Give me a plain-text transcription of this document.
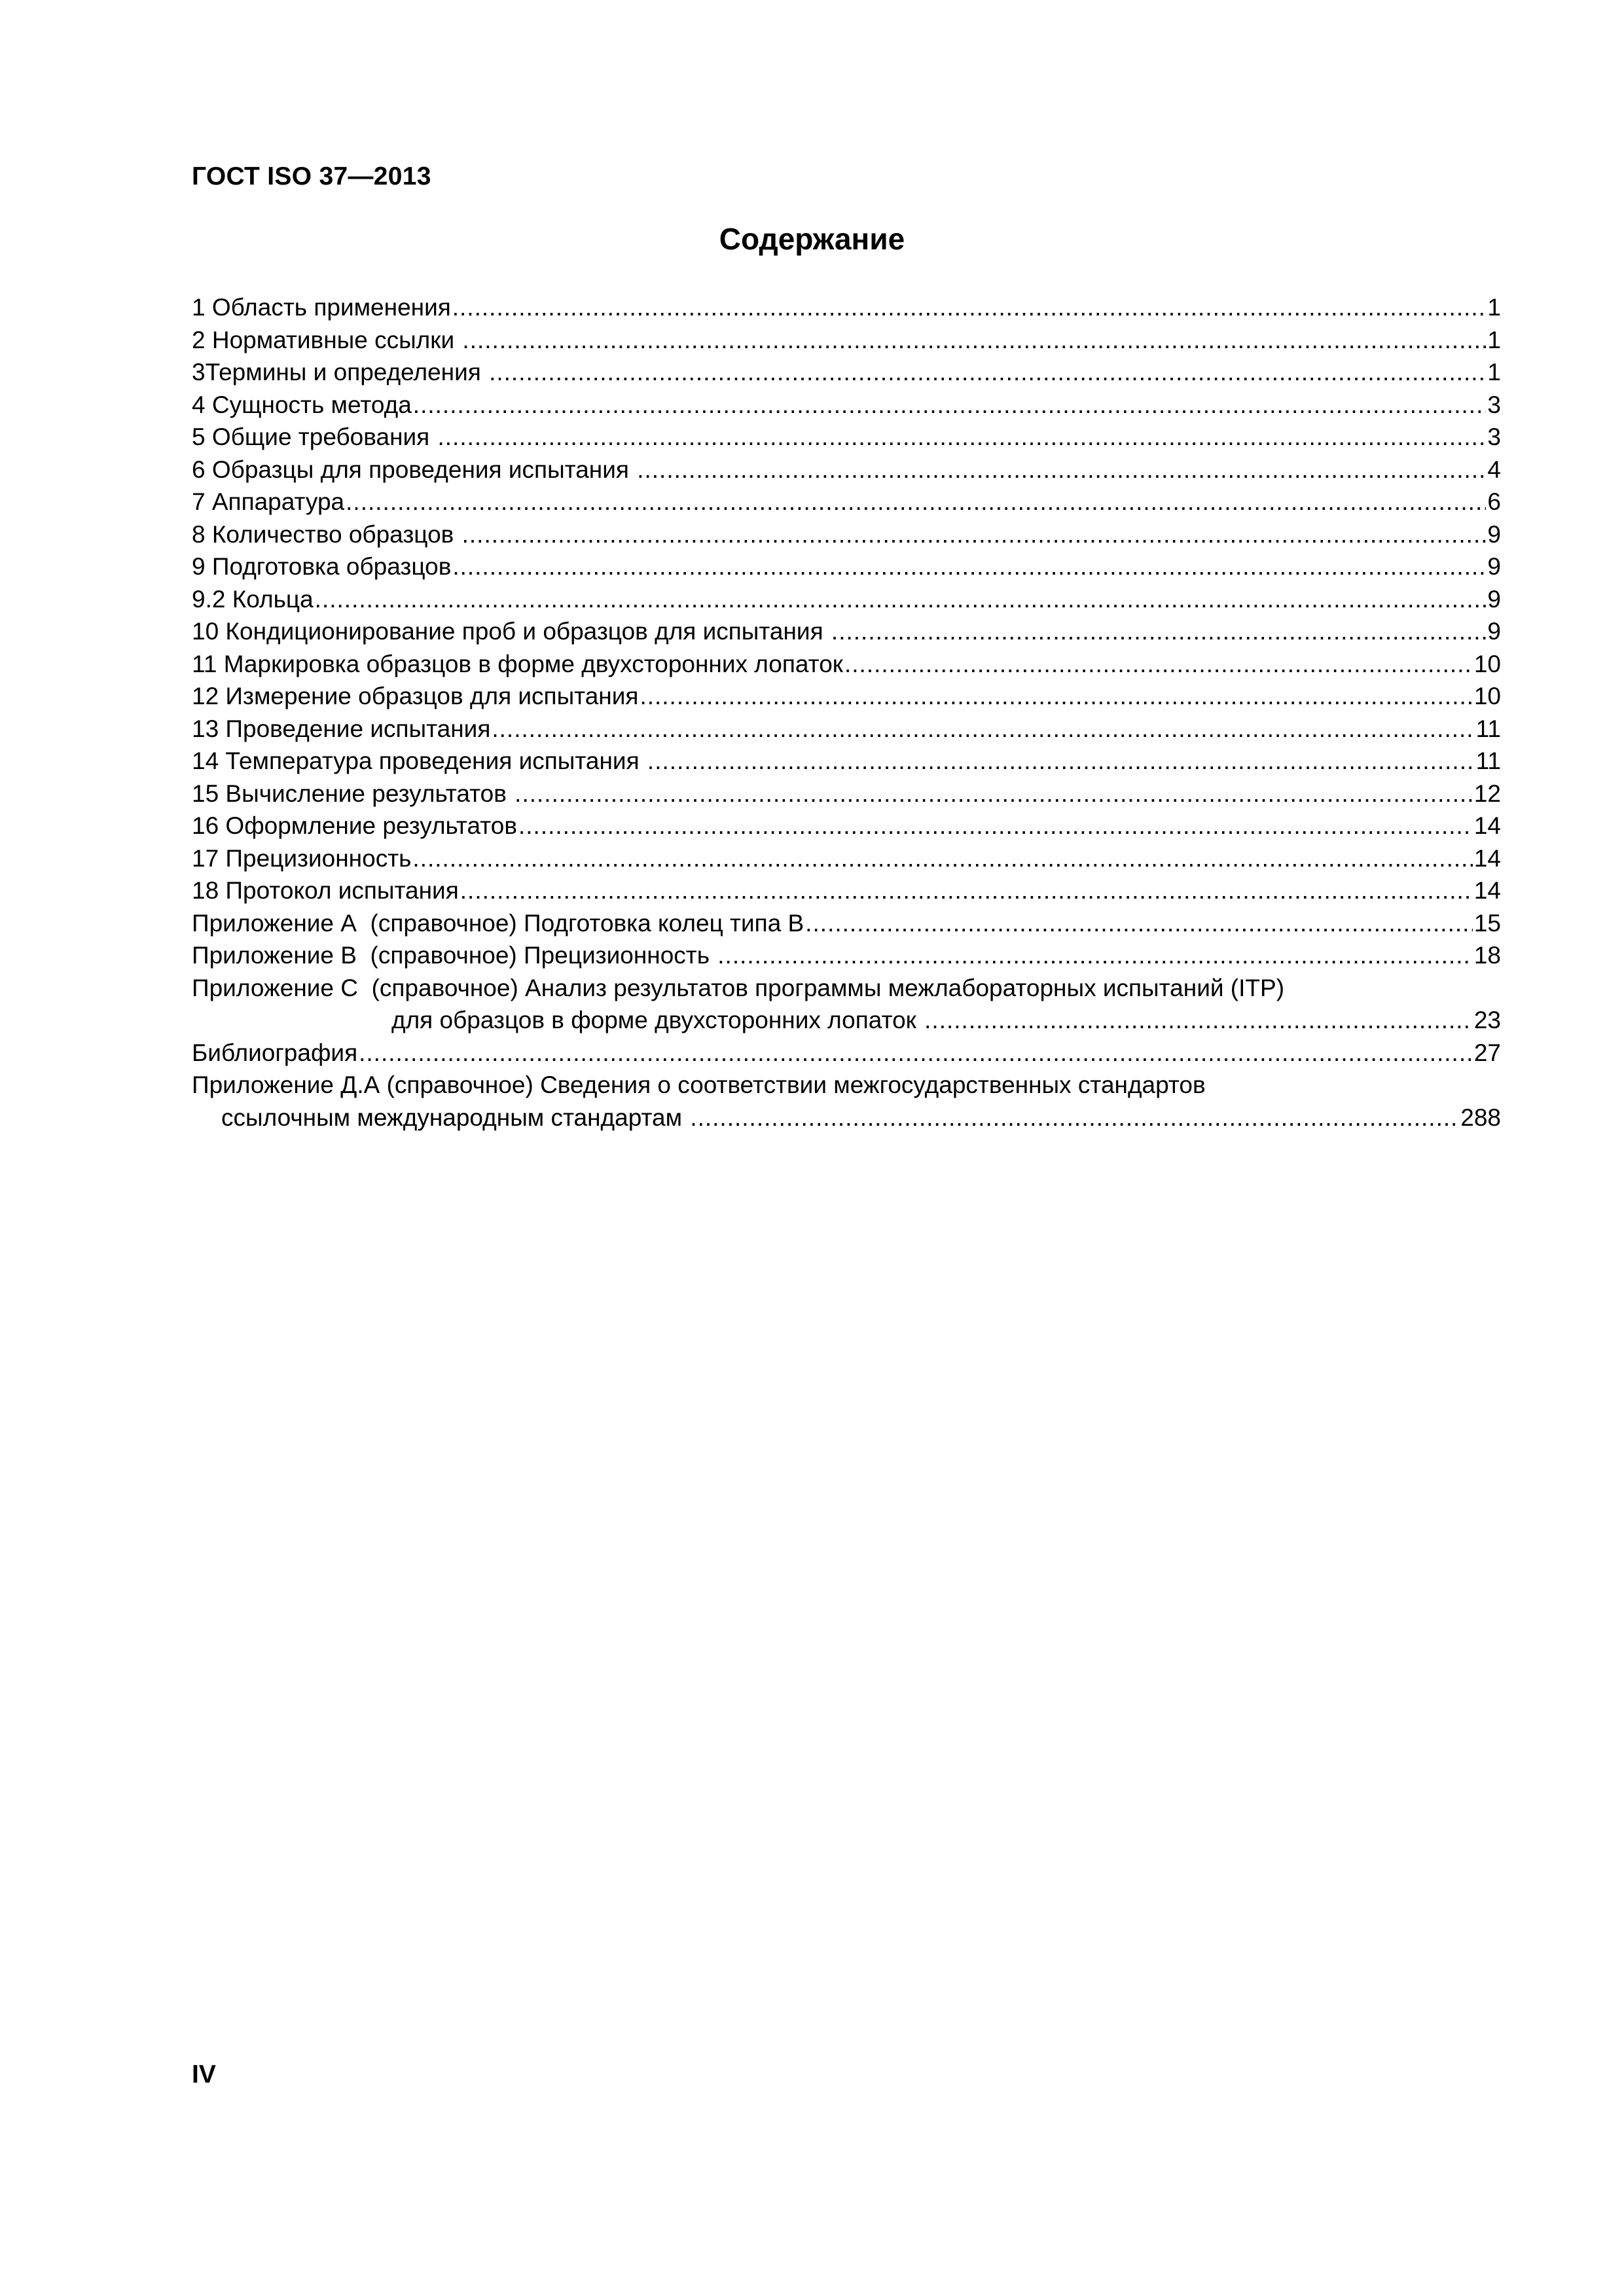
ГОСТ ISO 37—2013
Содержание
1 Область применения .....	1
2 Нормативные ссылки .....	1
3Термины и определения .....	1
4 Сущность метода .....	3
5 Общие требования .....	3
6 Образцы для проведения испытания .....	4
7 Аппаратура .....	6
8 Количество образцов .....	9
9 Подготовка образцов .....	9
9.2 Кольца .....	9
10 Кондиционирование проб и образцов для испытания .....	9
11 Маркировка образцов в форме двухсторонних лопаток .....	10
12 Измерение образцов для испытания .....	10
13 Проведение испытания .....	11
14 Температура проведения испытания .....	11
15 Вычисление результатов .....	12
16 Оформление результатов .....	14
17 Прецизионность .....	14
18 Протокол испытания .....	14
Приложение А  (справочное) Подготовка колец типа В .....	15
Приложение В  (справочное) Прецизионность .....	18
Приложение С  (справочное) Анализ результатов программы межлабораторных испытаний (ITP)
для образцов в форме двухсторонних лопаток .....	23
Библиография .....	27
Приложение Д.А (справочное) Сведения о соответствии межгосударственных стандартов
ссылочным международным стандартам .....	288
IV
